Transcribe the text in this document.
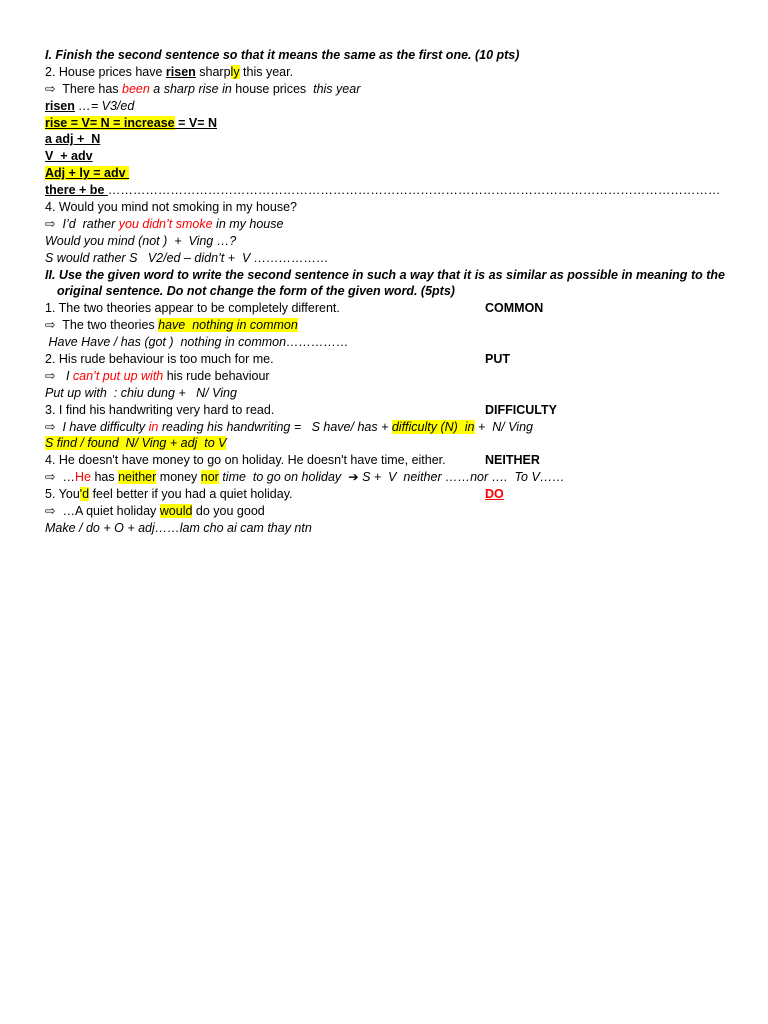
I. Finish the second sentence so that it means the same as the first one. (10 pts)
2. House prices have risen sharply this year.
⇨ There has been a sharp rise in house prices  this year
risen …= V3/ed
rise = V= N = increase = V= N
a adj +  N
V  + adv
Adj + ly = adv
there + be …………………………………………………………………………………………………………………………………
4. Would you mind not smoking in my house?
⇨ I’d  rather you didn’t smoke in my house
Would you mind (not )  +  Ving …?
S would rather S   V2/ed – didn’t +  V ………………
II. Use the given word to write the second sentence in such a way that it is as similar as possible in meaning to the
original sentence. Do not change the form of the given word. (5pts)
1. The two theories appear to be completely different.	COMMON
⇨ The two theories have  nothing in common
Have Have / has (got )  nothing in common……………
2. His rude behaviour is too much for me.	PUT
⇨  I can’t put up with his rude behaviour
Put up with  : chiu dung +   N/ Ving
3. I find his handwriting very hard to read.	DIFFICULTY
⇨ I have difficulty in reading his handwriting =   S have/ has + difficulty (N)  in +  N/ Ving
S find / found  N/ Ving + adj  to V
4. He doesn't have money to go on holiday. He doesn't have time, either.	NEITHER
⇨ …He has neither money nor time  to go on holiday  ➔ S +  V  neither ……nor ….  To V……
5. You'd feel better if you had a quiet holiday.	DO
⇨ …A quiet holiday would do you good
Make / do + O + adj……lam cho ai cam thay ntn
